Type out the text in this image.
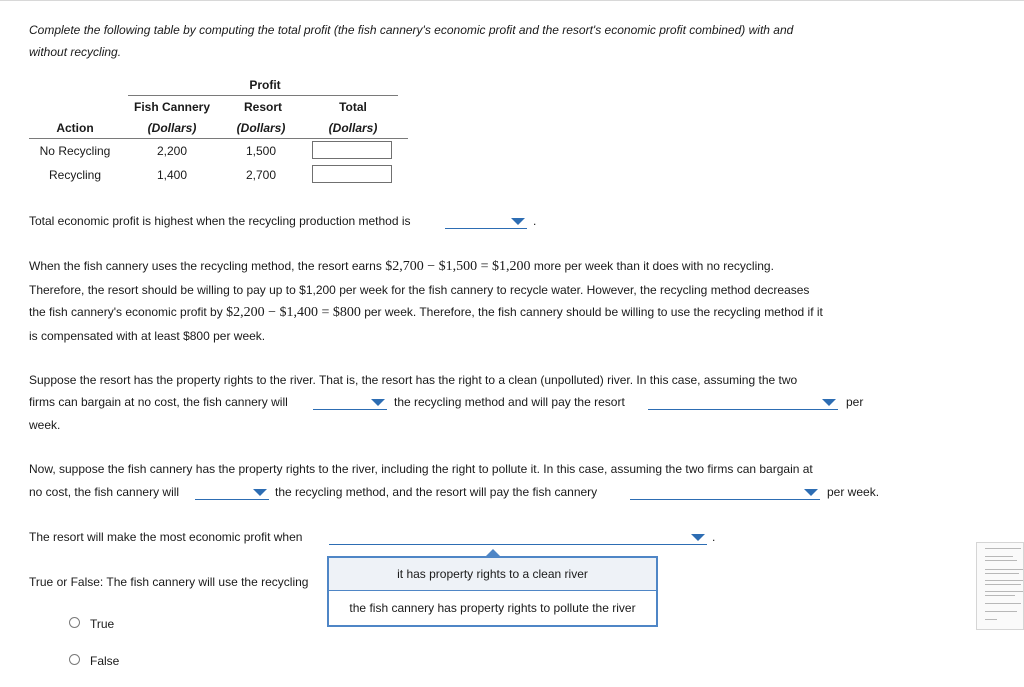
Complete the following table by computing the total profit (the fish cannery's economic profit and the resort's economic profit combined) with and
without recycling.
Profit
Fish Cannery	Resort	Total
Action	(Dollars)	(Dollars)	(Dollars)
No Recycling	2,200	1,500
Recycling	1,400	2,700
Total economic profit is highest when the recycling production method is	.
When the fish cannery uses the recycling method, the resort earns $2,700 − $1,500 = $1,200 more per week than it does with no recycling.
Therefore, the resort should be willing to pay up to $1,200 per week for the fish cannery to recycle water. However, the recycling method decreases
the fish cannery's economic profit by $2,200 − $1,400 = $800 per week. Therefore, the fish cannery should be willing to use the recycling method if it
is compensated with at least $800 per week.
Suppose the resort has the property rights to the river. That is, the resort has the right to a clean (unpolluted) river. In this case, assuming the two
firms can bargain at no cost, the fish cannery will	the recycling method and will pay the resort	per
week.
Now, suppose the fish cannery has the property rights to the river, including the right to pollute it. In this case, assuming the two firms can bargain at
no cost, the fish cannery will	the recycling method, and the resort will pay the fish cannery	per week.
The resort will make the most economic profit when	.
True or False: The fish cannery will use the recycling
True
False
it has property rights to a clean river
the fish cannery has property rights to pollute the river
